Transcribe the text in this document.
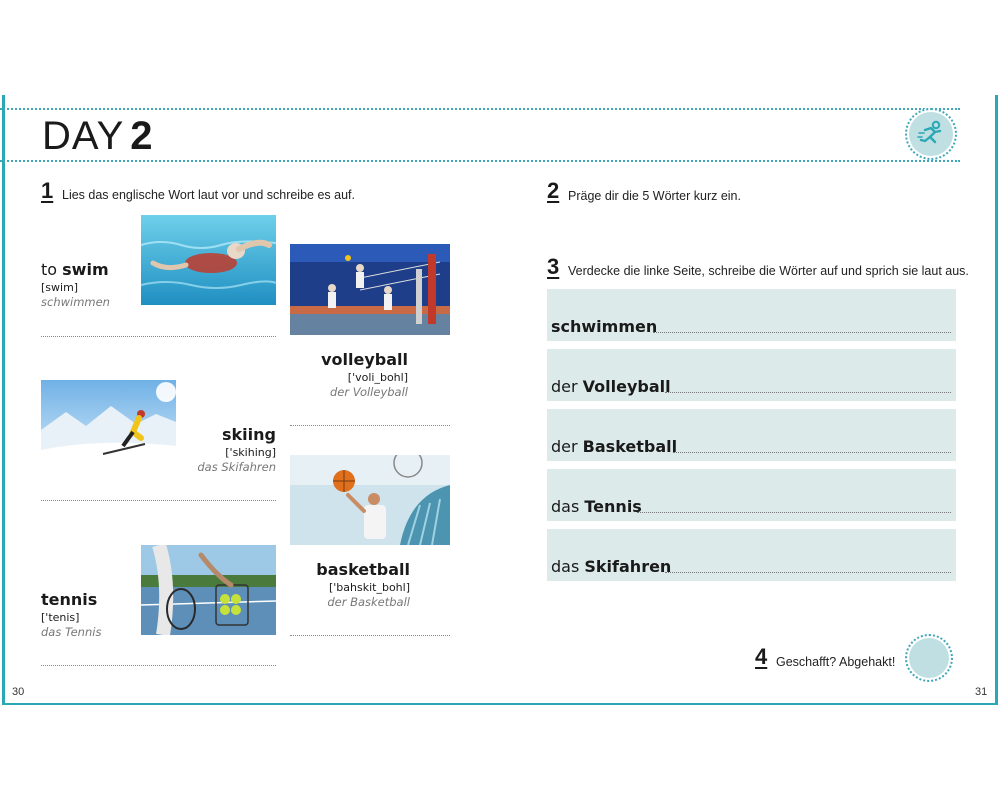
DAY 2
1 Lies das englische Wort laut vor und schreibe es auf.
to swim
[swim]
schwimmen
volleyball
['voli_bohl]
der Volleyball
skiing
['skihing]
das Skifahren
basketball
['bahskit_bohl]
der Basketball
tennis
['tenis]
das Tennis
2 Präge dir die 5 Wörter kurz ein.
3 Verdecke die linke Seite, schreibe die Wörter auf und sprich sie laut aus.
schwimmen
der Volleyball
der Basketball
das Tennis
das Skifahren
4 Geschafft? Abgehakt!
30	31
